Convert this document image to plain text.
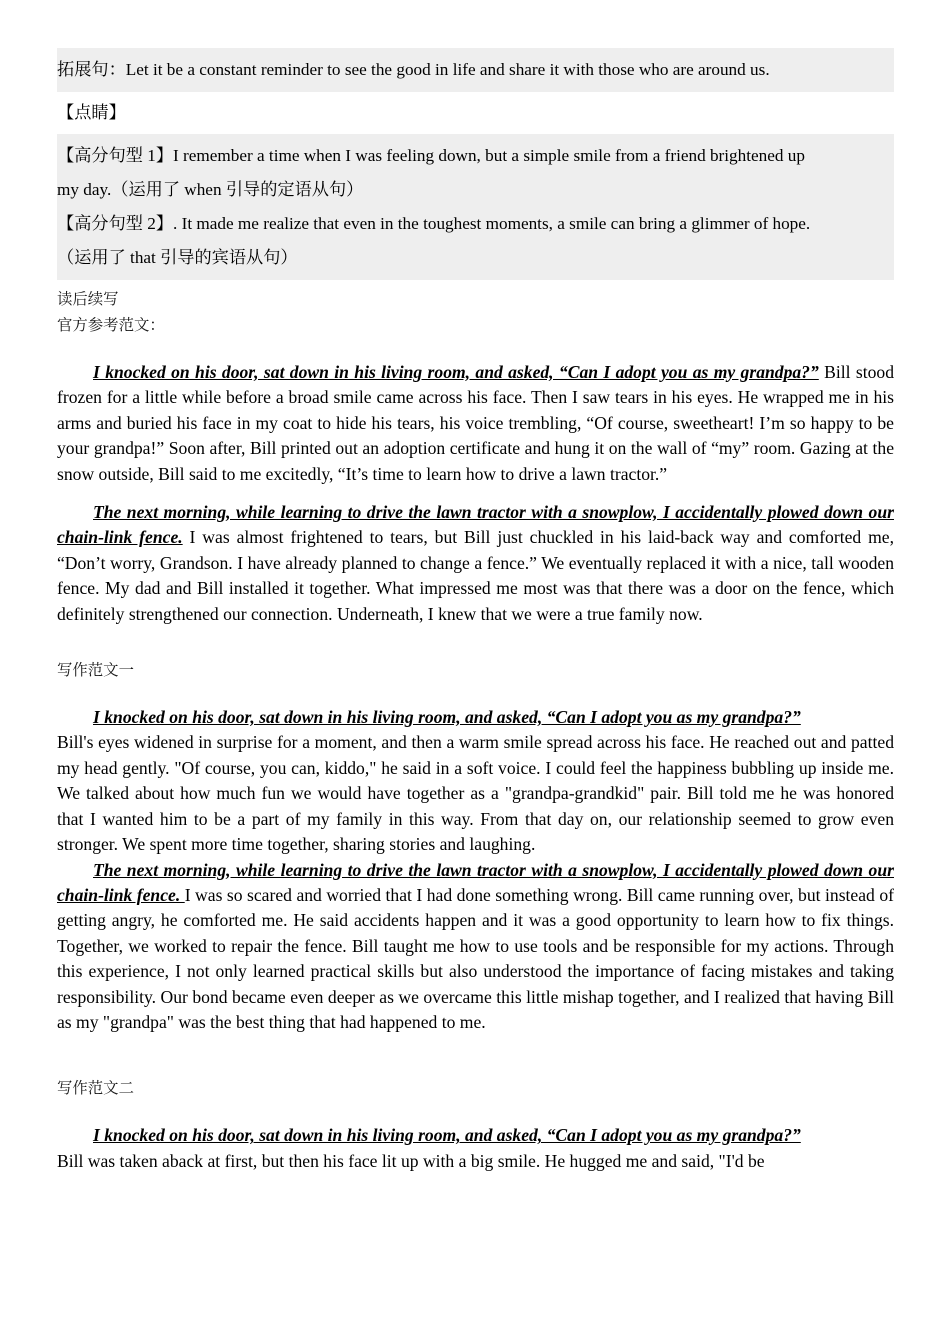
拓展句：Let it be a constant reminder to see the good in life and share it with those who are around us.

【点睛】

【高分句型 1】I remember a time when I was feeling down, but a simple smile from a friend brightened up

my day.（运用了 when 引导的定语从句）

【高分句型 2】. It made me realize that even in the toughest moments, a smile can bring a glimmer of hope.

（运用了 that 引导的宾语从句）

读后续写

官方参考范文：

I knocked on his door, sat down in his living room, and asked, “Can I adopt you as my grandpa?” Bill stood frozen for a little while before a broad smile came across his face. Then I saw tears in his eyes. He wrapped me in his arms and buried his face in my coat to hide his tears, his voice trembling, “Of course, sweetheart! I’m so happy to be your grandpa!” Soon after, Bill printed out an adoption certificate and hung it on the wall of “my” room. Gazing at the snow outside, Bill said to me excitedly, “It’s time to learn how to drive a lawn tractor.”

The next morning, while learning to drive the lawn tractor with a snowplow, I accidentally plowed down our chain-link fence. I was almost frightened to tears, but Bill just chuckled in his laid-back way and comforted me, “Don’t worry, Grandson. I have already planned to change a fence.” We eventually replaced it with a nice, tall wooden fence. My dad and Bill installed it together. What impressed me most was that there was a door on the fence, which definitely strengthened our connection. Underneath, I knew that we were a true family now.

写作范文一

I knocked on his door, sat down in his living room, and asked, “Can I adopt you as my grandpa?”
Bill's eyes widened in surprise for a moment, and then a warm smile spread across his face. He reached out and patted my head gently. "Of course, you can, kiddo," he said in a soft voice. I could feel the happiness bubbling up inside me. We talked about how much fun we would have together as a "grandpa-grandkid" pair. Bill told me he was honored that I wanted him to be a part of my family in this way. From that day on, our relationship seemed to grow even stronger. We spent more time together, sharing stories and laughing.

The next morning, while learning to drive the lawn tractor with a snowplow, I accidentally plowed down our chain-link fence. I was so scared and worried that I had done something wrong. Bill came running over, but instead of getting angry, he comforted me. He said accidents happen and it was a good opportunity to learn how to fix things. Together, we worked to repair the fence. Bill taught me how to use tools and be responsible for my actions. Through this experience, I not only learned practical skills but also understood the importance of facing mistakes and taking responsibility. Our bond became even deeper as we overcame this little mishap together, and I realized that having Bill as my "grandpa" was the best thing that had happened to me.

写作范文二

I knocked on his door, sat down in his living room, and asked, “Can I adopt you as my grandpa?”
Bill was taken aback at first, but then his face lit up with a big smile. He hugged me and said, "I'd be
